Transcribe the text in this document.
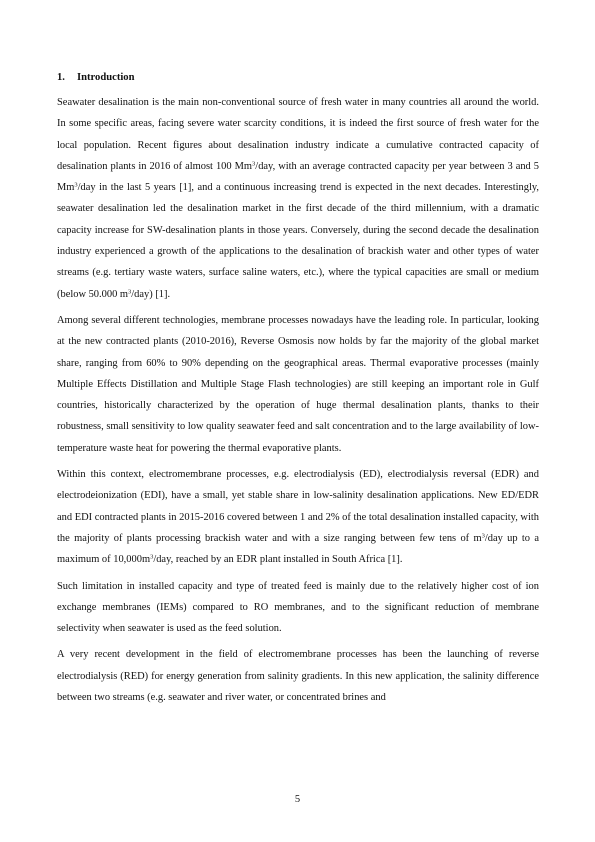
1. Introduction

Seawater desalination is the main non-conventional source of fresh water in many countries all around the world. In some specific areas, facing severe water scarcity conditions, it is indeed the first source of fresh water for the local population. Recent figures about desalination industry indicate a cumulative contracted capacity of desalination plants in 2016 of almost 100 Mm$^3$/day, with an average contracted capacity per year between 3 and 5 Mm$^3$/day in the last 5 years [1], and a continuous increasing trend is expected in the next decades. Interestingly, seawater desalination led the desalination market in the first decade of the third millennium, with a dramatic capacity increase for SW-desalination plants in those years. Conversely, during the second decade the desalination industry experienced a growth of the applications to the desalination of brackish water and other types of water streams (e.g. tertiary waste waters, surface saline waters, etc.), where the typical capacities are small or medium (below 50.000 $m^3/day$) [1].

Among several different technologies, membrane processes nowadays have the leading role. In particular, looking at the new contracted plants (2010-2016), Reverse Osmosis now holds by far the majority of the global market share, ranging from 60% to 90% depending on the geographical areas. Thermal evaporative processes (mainly Multiple Effects Distillation and Multiple Stage Flash technologies) are still keeping an important role in Gulf countries, historically characterized by the operation of huge thermal desalination plants, thanks to their robustness, small sensitivity to low quality seawater feed and salt concentration and to the large availability of low-temperature waste heat for powering the thermal evaporative plants.

Within this context, electromembrane processes, e.g. electrodialysis (ED), electrodialysis reversal (EDR) and electrodeionization (EDI), have a small, yet stable share in low-salinity desalination applications. New ED/EDR and EDI contracted plants in 2015-2016 covered between 1 and 2% of the total desalination installed capacity, with the majority of plants processing brackish water and with a size ranging between few tens of $m^3$/day up to a maximum of $10,000m^3$/day, reached by an EDR plant installed in South Africa [1].

Such limitation in installed capacity and type of treated feed is mainly due to the relatively higher cost of ion exchange membranes (IEMs) compared to RO membranes, and to the significant reduction of membrane selectivity when seawater is used as the feed solution.

A very recent development in the field of electromembrane processes has been the launching of reverse electrodialysis (RED) for energy generation from salinity gradients. In this new application, the salinity difference between two streams (e.g. seawater and river water, or concentrated brines and

5
